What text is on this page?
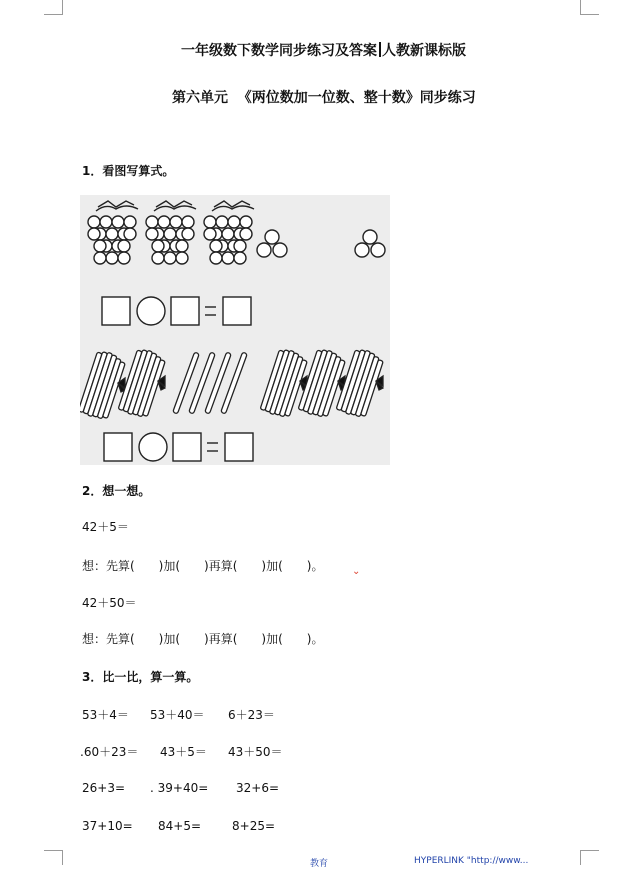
一年级数下数学同步练习及答案 人教新课标版
第六单元  《两位数加一位数、整十数》同步练习
1．看图写算式。
2．想一想。
42＋5＝
想：先算(　　)加(　　)再算(　　)加(　　)。	⌄
42＋50＝
想：先算(　　)加(　　)再算(　　)加(　　)。
3．比一比，算一算。
53＋4＝ 53＋40＝ 6＋23＝
.60＋23＝ 43＋5＝ 43＋50＝
26+3= . 39+40= 32+6=
37+10= 84+5=	8+25=
教育	HYPERLINK "http://www...
